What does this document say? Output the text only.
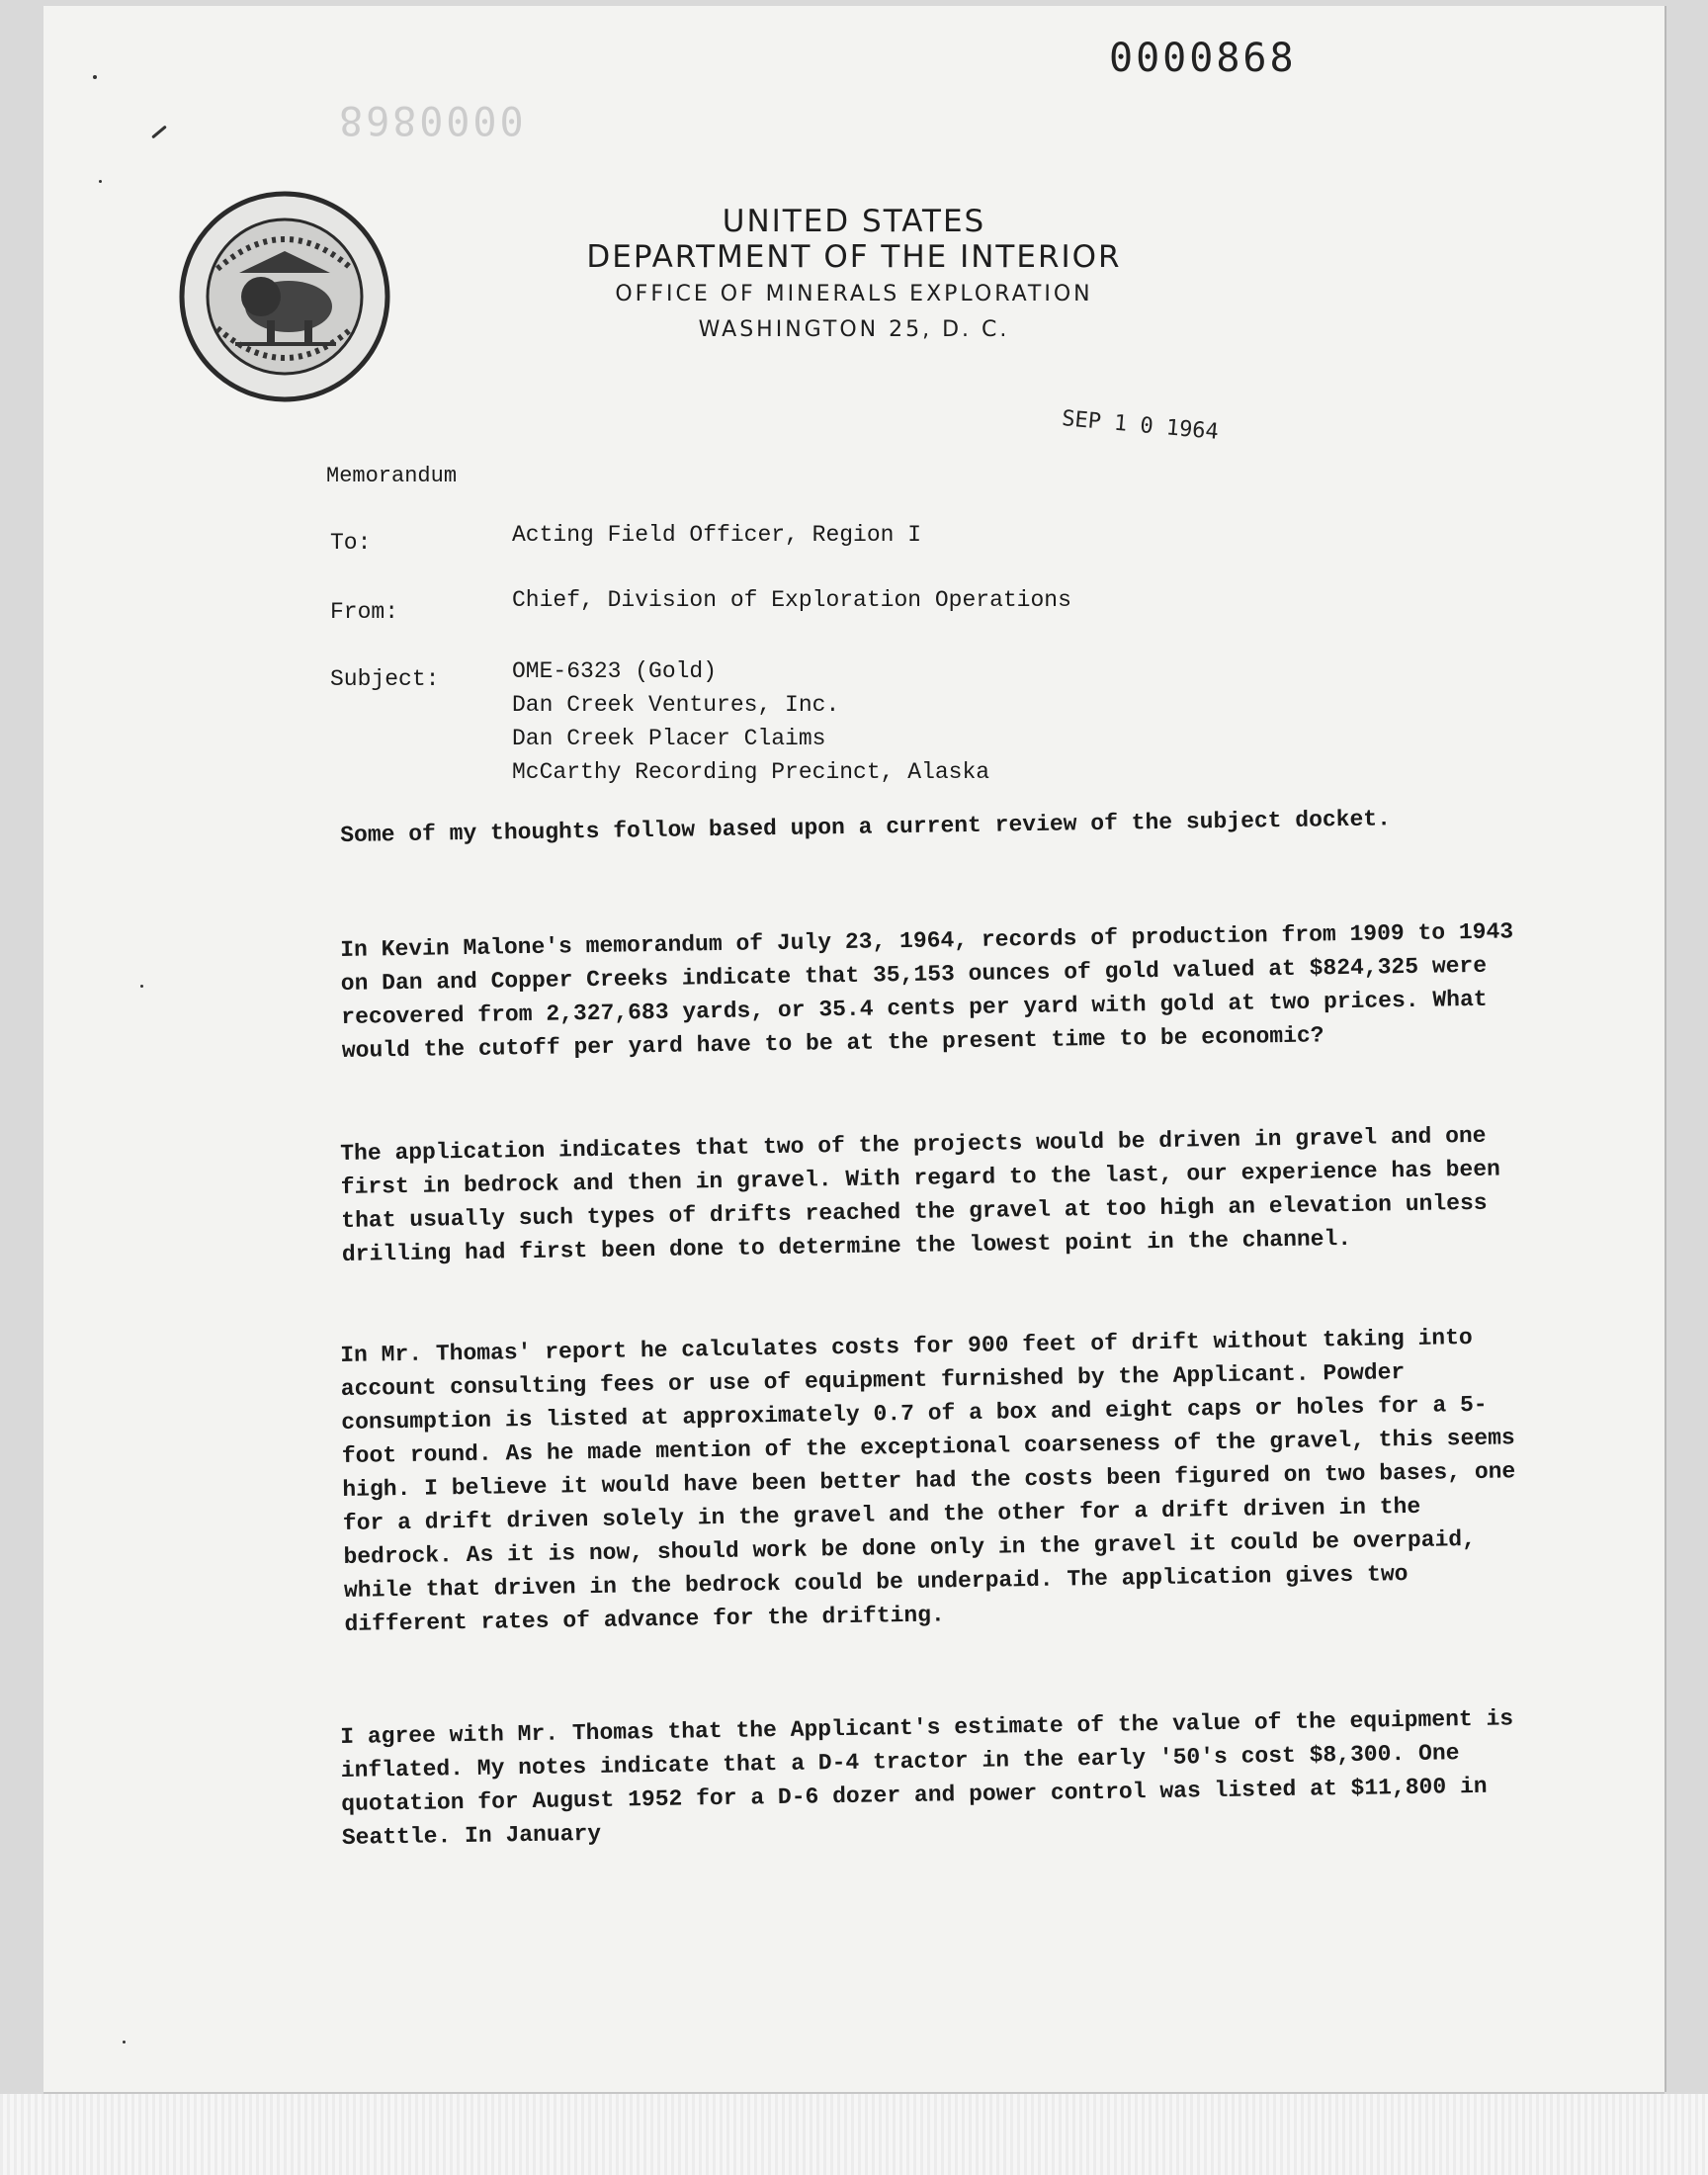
0000868
0000868
UNITED STATES
DEPARTMENT OF THE INTERIOR
OFFICE OF MINERALS EXPLORATION
WASHINGTON 25, D. C.
SEP 1 0 1964
Memorandum
To:	Acting Field Officer, Region I
From:	Chief, Division of Exploration Operations
Subject:	OME-6323 (Gold)
Dan Creek Ventures, Inc.
Dan Creek Placer Claims
McCarthy Recording Precinct, Alaska
Some of my thoughts follow based upon a current review of the subject docket.
In Kevin Malone's memorandum of July 23, 1964, records of production from 1909 to 1943 on Dan and Copper Creeks indicate that 35,153 ounces of gold valued at $824,325 were recovered from 2,327,683 yards, or 35.4 cents per yard with gold at two prices. What would the cutoff per yard have to be at the present time to be economic?
The application indicates that two of the projects would be driven in gravel and one first in bedrock and then in gravel. With regard to the last, our experience has been that usually such types of drifts reached the gravel at too high an elevation unless drilling had first been done to determine the lowest point in the channel.
In Mr. Thomas' report he calculates costs for 900 feet of drift without taking into account consulting fees or use of equipment furnished by the Applicant. Powder consumption is listed at approximately 0.7 of a box and eight caps or holes for a 5-foot round. As he made mention of the exceptional coarseness of the gravel, this seems high. I believe it would have been better had the costs been figured on two bases, one for a drift driven solely in the gravel and the other for a drift driven in the bedrock. As it is now, should work be done only in the gravel it could be overpaid, while that driven in the bedrock could be underpaid. The application gives two different rates of advance for the drifting.
I agree with Mr. Thomas that the Applicant's estimate of the value of the equipment is inflated. My notes indicate that a D-4 tractor in the early '50's cost $8,300. One quotation for August 1952 for a D-6 dozer and power control was listed at $11,800 in Seattle. In January
